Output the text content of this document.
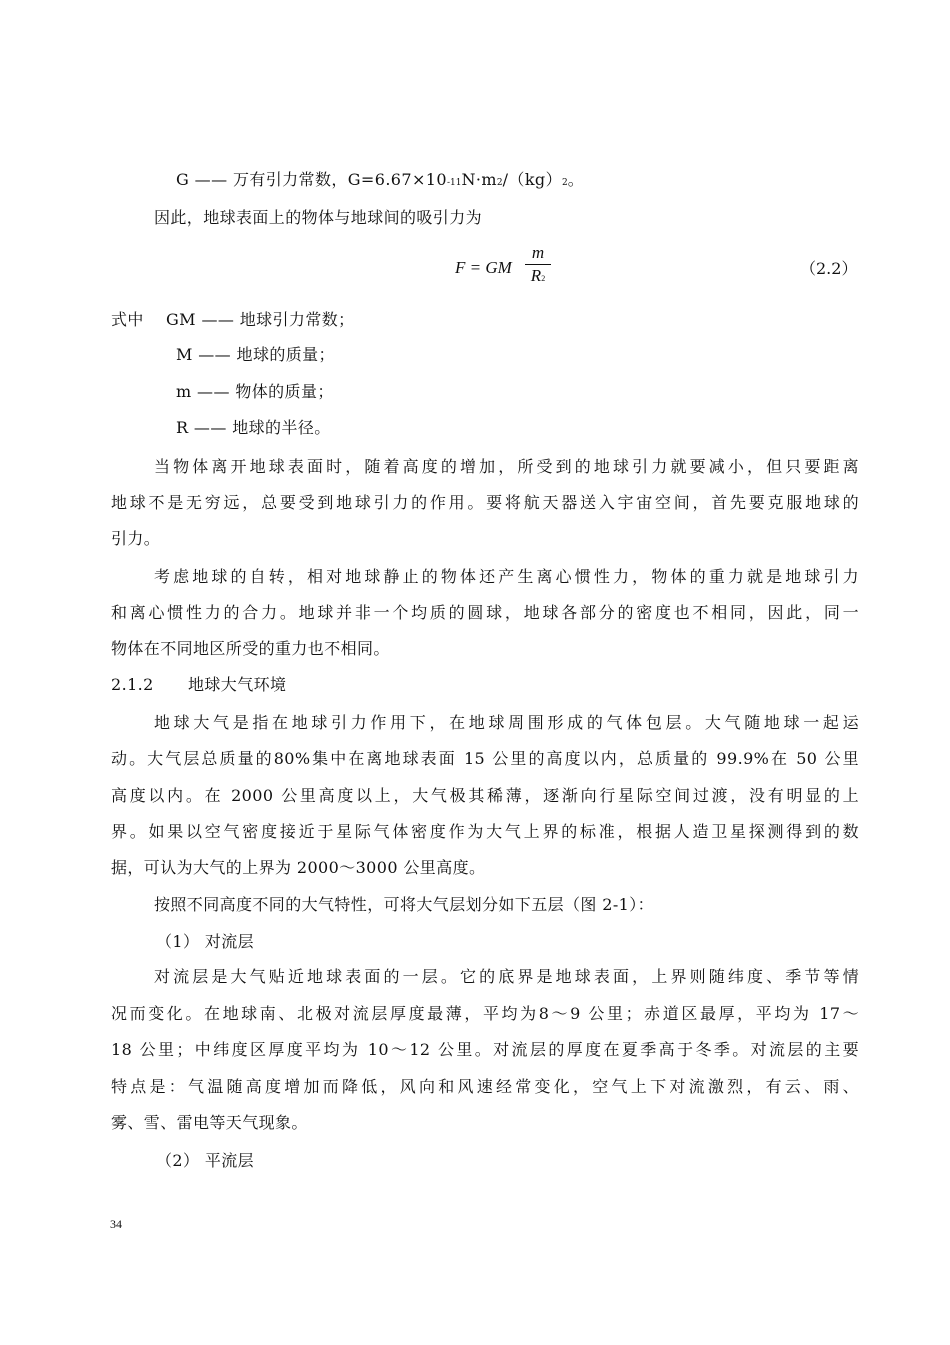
G —— 万有引力常数，G=6.67×10-11N·m2/（kg）2。
因此，地球表面上的物体与地球间的吸引力为
F = GM
m
R2
（2.2）
式中	GM —— 地球引力常数；
M —— 地球的质量；
m —— 物体的质量；
R —— 地球的半径。
当物体离开地球表面时，随着高度的增加，所受到的地球引力就要减小，但只要距离
地球不是无穷远，总要受到地球引力的作用。要将航天器送入宇宙空间，首先要克服地球的
引力。
考虑地球的自转，相对地球静止的物体还产生离心惯性力，物体的重力就是地球引力
和离心惯性力的合力。地球并非一个均质的圆球，地球各部分的密度也不相同，因此，同一
物体在不同地区所受的重力也不相同。
2.1.2	地球大气环境
地球大气是指在地球引力作用下，在地球周围形成的气体包层。大气随地球一起运
动。大气层总质量的80%集中在离地球表面 15 公里的高度以内，总质量的 99.9%在 50 公里
高度以内。在 2000 公里高度以上，大气极其稀薄，逐渐向行星际空间过渡，没有明显的上
界。如果以空气密度接近于星际气体密度作为大气上界的标准，根据人造卫星探测得到的数
据，可认为大气的上界为 2000～3000 公里高度。
按照不同高度不同的大气特性，可将大气层划分如下五层（图 2-1）：
（1） 对流层
对流层是大气贴近地球表面的一层。它的底界是地球表面，上界则随纬度、季节等情
况而变化。在地球南、北极对流层厚度最薄，平均为8～9 公里；赤道区最厚，平均为 17～
18 公里；中纬度区厚度平均为 10～12 公里。对流层的厚度在夏季高于冬季。对流层的主要
特点是：气温随高度增加而降低，风向和风速经常变化，空气上下对流激烈，有云、雨、
雾、雪、雷电等天气现象。
（2） 平流层
34
